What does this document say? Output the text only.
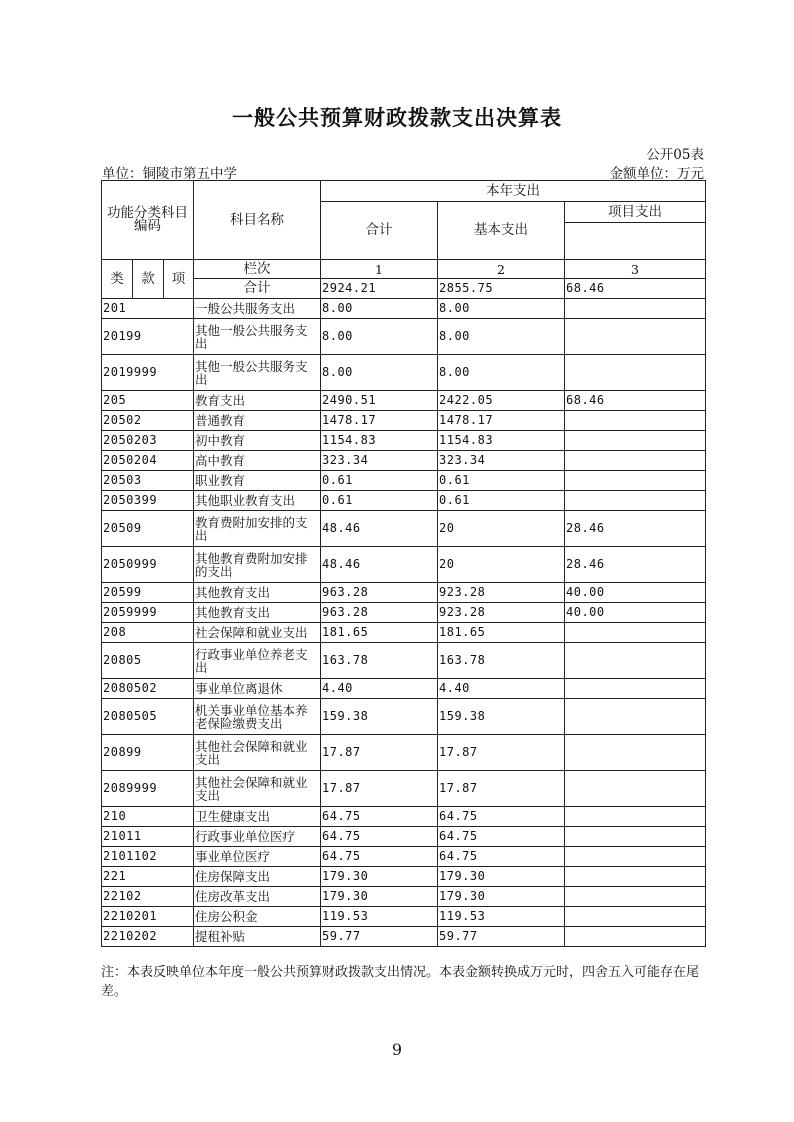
一般公共预算财政拨款支出决算表
公开05表
单位：铜陵市第五中学	金额单位：万元
功能分类科目编码			科目名称	本年支出		
				合计	基本支出	项目支出

类	款	项	栏次	1	2	3
			合计	2924.21	2855.75	68.46
201			一般公共服务支出	8.00	8.00	
20199			其他一般公共服务支出	8.00	8.00	
2019999			其他一般公共服务支出	8.00	8.00	
205			教育支出	2490.51	2422.05	68.46
20502			普通教育	1478.17	1478.17	
2050203			初中教育	1154.83	1154.83	
2050204			高中教育	323.34	323.34	
20503			职业教育	0.61	0.61	
2050399			其他职业教育支出	0.61	0.61	
20509			教育费附加安排的支出	48.46	20	28.46
2050999			其他教育费附加安排的支出	48.46	20	28.46
20599			其他教育支出	963.28	923.28	40.00
2059999			其他教育支出	963.28	923.28	40.00
208			社会保障和就业支出	181.65	181.65	
20805			行政事业单位养老支出	163.78	163.78	
2080502			事业单位离退休	4.40	4.40	
2080505			机关事业单位基本养老保险缴费支出	159.38	159.38	
20899			其他社会保障和就业支出	17.87	17.87	
2089999			其他社会保障和就业支出	17.87	17.87	
210			卫生健康支出	64.75	64.75	
21011			行政事业单位医疗	64.75	64.75	
2101102			事业单位医疗	64.75	64.75	
221			住房保障支出	179.30	179.30	
22102			住房改革支出	179.30	179.30	
2210201			住房公积金	119.53	119.53	
2210202			提租补贴	59.77	59.77	
注：本表反映单位本年度一般公共预算财政拨款支出情况。本表金额转换成万元时，四舍五入可能存在尾差。
9
